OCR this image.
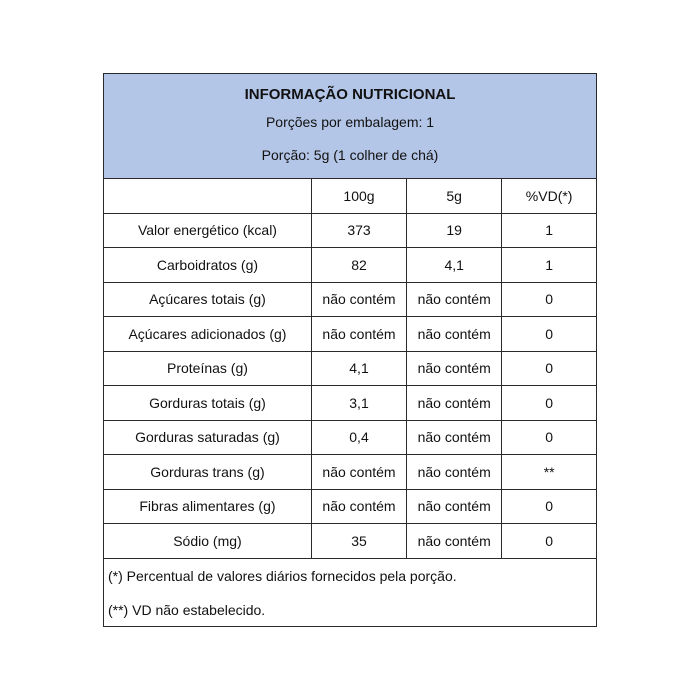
INFORMAÇÃO NUTRICIONAL
Porções por embalagem: 1
Porção: 5g (1 colher de chá)
	100g	5g	%VD(*)
Valor energético (kcal)	373	19	1
Carboidratos (g)	82	4,1	1
Açúcares totais (g)	não contém	não contém	0
Açúcares adicionados (g)	não contém	não contém	0
Proteínas (g)	4,1	não contém	0
Gorduras totais (g)	3,1	não contém	0
Gorduras saturadas (g)	0,4	não contém	0
Gorduras trans (g)	não contém	não contém	**
Fibras alimentares (g)	não contém	não contém	0
Sódio (mg)	35	não contém	0
(*) Percentual de valores diários fornecidos pela porção.
(**) VD não estabelecido.
